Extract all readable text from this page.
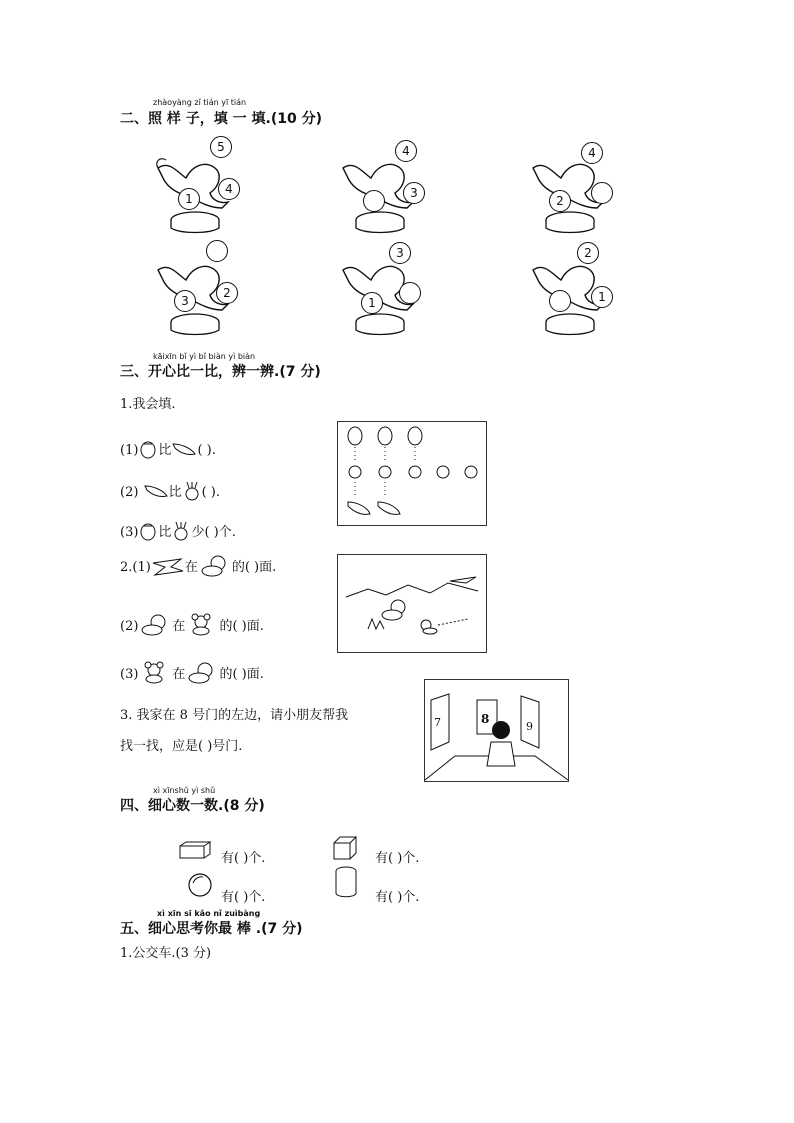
zhàoyàng zǐ tián yī tián
二、照 样 子，填 一 填.(10 分)
5
1
4
4
3
4
2
3
2
3
1
2
1
kāixīn bǐ yì bǐ biàn yì biàn
三、开心比一比，辨一辨.(7 分)
1.我会填.
(1) 比 ( ).
(2) 比 ( ).
(3) 比 少( )个.
2.(1)	在	的( )面.
(2)	在	的( )面.
(3)	在	的( )面.
3. 我家在 8 号门的左边，请小朋友帮我
找一找，应是( )号门.
7	8
9
xì xīnshǔ yì shǔ
四、细心数一数.(8 分)
有( )个.	有( )个.
有( )个.	有( )个.
xì xīn sī kǎo nǐ zuìbàng
五、细心思考你最 棒 .(7 分)
1.公交车.(3 分)
